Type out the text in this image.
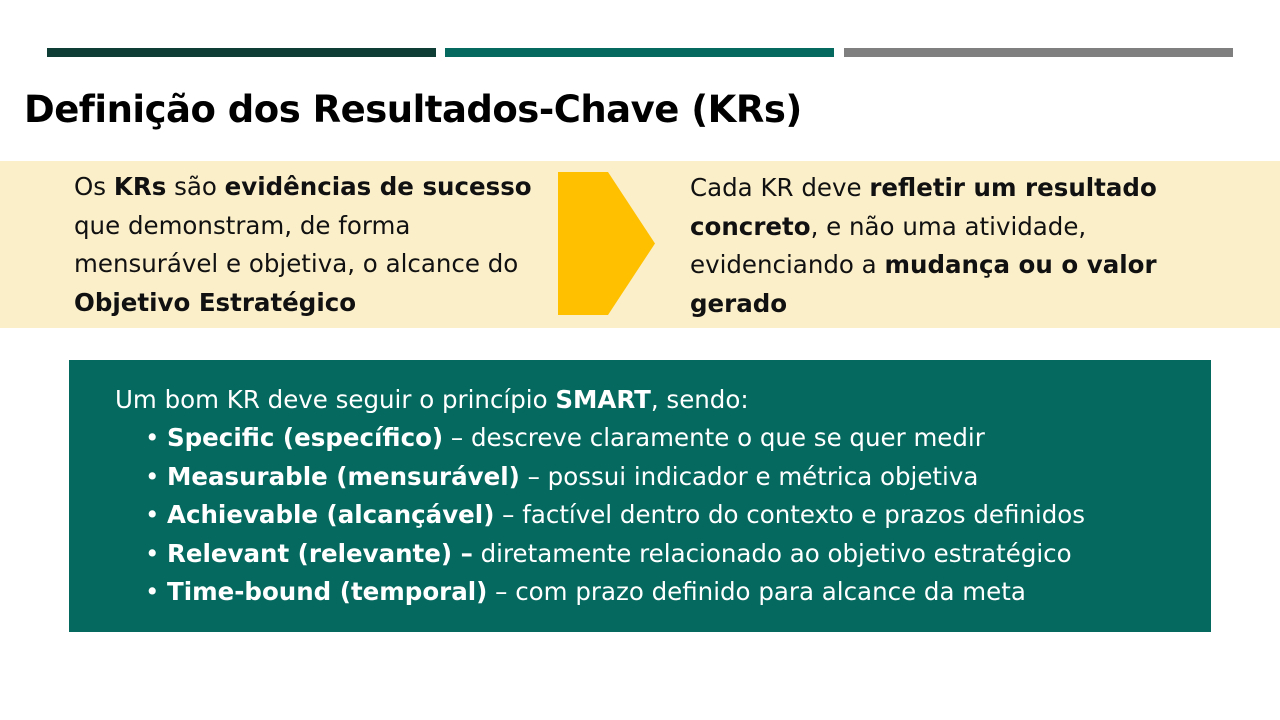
Definição dos Resultados-Chave (KRs)
Os KRs são evidências de sucesso que demonstram, de forma mensurável e objetiva, o alcance do Objetivo Estratégico
Cada KR deve refletir um resultado concreto, e não uma atividade, evidenciando a mudança ou o valor gerado
Um bom KR deve seguir o princípio SMART, sendo:
• Specific (específico) – descreve claramente o que se quer medir
• Measurable (mensurável) – possui indicador e métrica objetiva
• Achievable (alcançável) – factível dentro do contexto e prazos definidos
• Relevant (relevante) – diretamente relacionado ao objetivo estratégico
• Time-bound (temporal) – com prazo definido para alcance da meta
